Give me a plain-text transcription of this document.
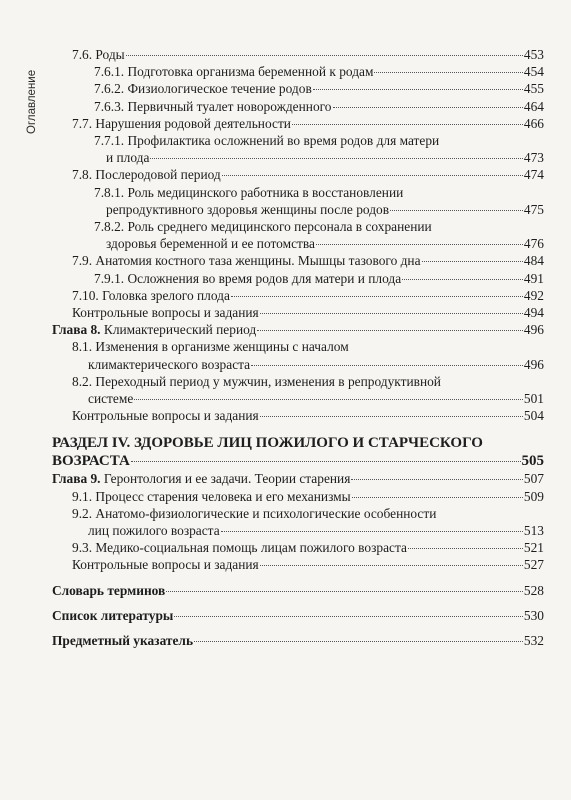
Оглавление
7.6. Роды	453
7.6.1. Подготовка организма беременной к родам	454
7.6.2. Физиологическое течение родов	455
7.6.3. Первичный туалет новорожденного	464
7.7. Нарушения родовой деятельности	466
7.7.1. Профилактика осложнений во время родов для матери
и плода	473
7.8. Послеродовой период	474
7.8.1. Роль медицинского работника в восстановлении
репродуктивного здоровья женщины после родов	475
7.8.2. Роль среднего медицинского персонала в сохранении
здоровья беременной и ее потомства	476
7.9. Анатомия костного таза женщины. Мышцы тазового дна	484
7.9.1. Осложнения во время родов для матери и плода	491
7.10. Головка зрелого плода	492
Контрольные вопросы и задания	494
Глава 8. Климактерический период	496
8.1. Изменения в организме женщины с началом
климактерического возраста	496
8.2. Переходный период у мужчин, изменения в репродуктивной
системе	501
Контрольные вопросы и задания	504
РАЗДЕЛ IV. ЗДОРОВЬЕ ЛИЦ ПОЖИЛОГО И СТАРЧЕСКОГО
ВОЗРАСТА	505
Глава 9. Геронтология и ее задачи. Теории старения	507
9.1. Процесс старения человека и его механизмы	509
9.2. Анатомо-физиологические и психологические особенности
лиц пожилого возраста	513
9.3. Медико-социальная помощь лицам пожилого возраста	521
Контрольные вопросы и задания	527
Словарь терминов	528
Список литературы	530
Предметный указатель	532
